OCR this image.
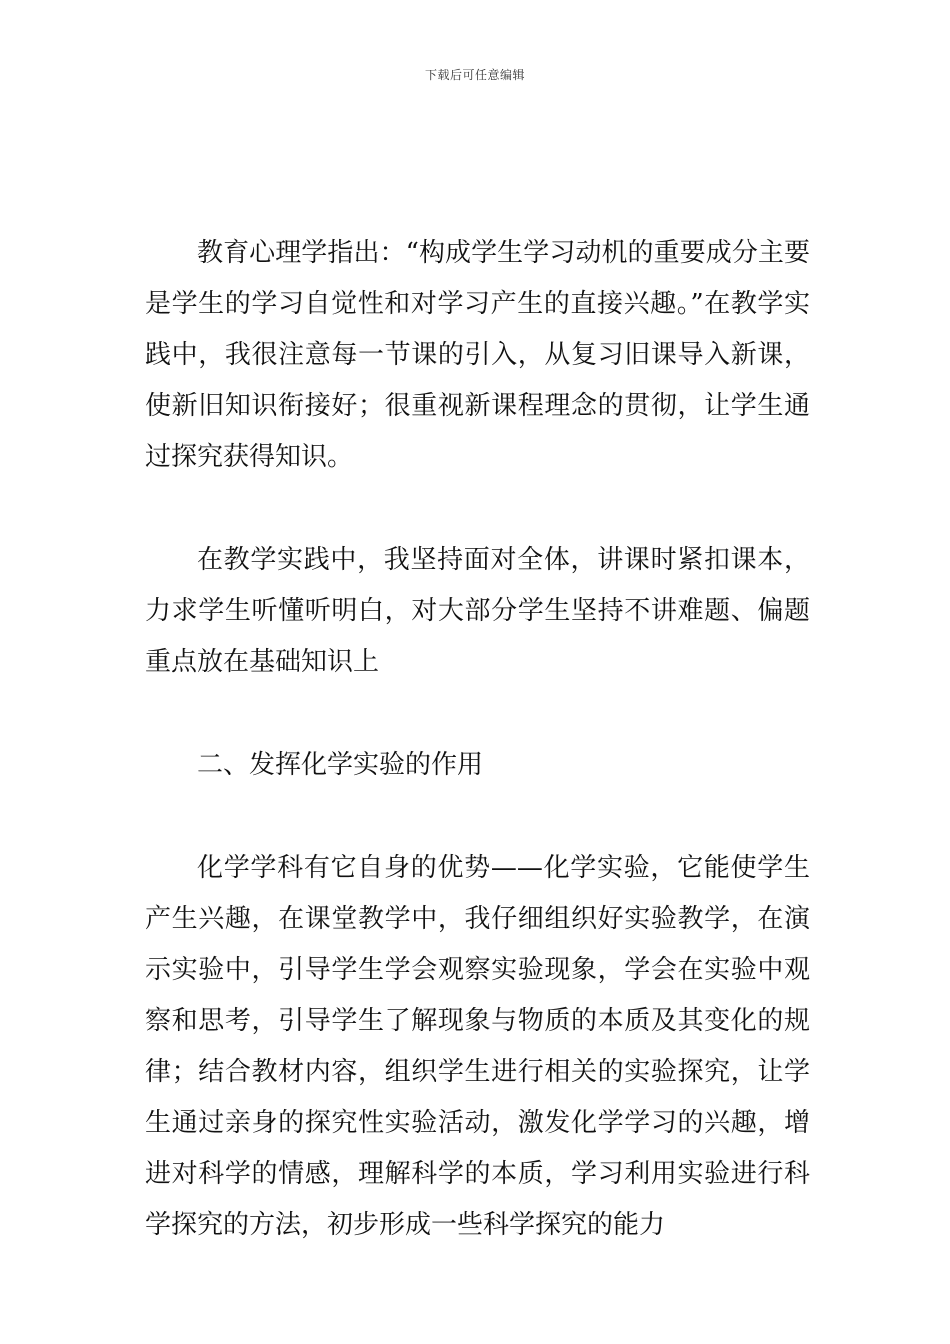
下载后可任意编辑

教育心理学指出：“构成学生学习动机的重要成分主要是学生的学习自觉性和对学习产生的直接兴趣。”在教学实践中，我很注意每一节课的引入，从复习旧课导入新课，使新旧知识衔接好；很重视新课程理念的贯彻，让学生通过探究获得知识。

在教学实践中，我坚持面对全体，讲课时紧扣课本，力求学生听懂听明白，对大部分学生坚持不讲难题、偏题重点放在基础知识上

二、发挥化学实验的作用

化学学科有它自身的优势——化学实验，它能使学生产生兴趣，在课堂教学中，我仔细组织好实验教学，在演示实验中，引导学生学会观察实验现象，学会在实验中观察和思考，引导学生了解现象与物质的本质及其变化的规律；结合教材内容，组织学生进行相关的实验探究，让学生通过亲身的探究性实验活动，激发化学学习的兴趣，增进对科学的情感，理解科学的本质，学习利用实验进行科学探究的方法，初步形成一些科学探究的能力
